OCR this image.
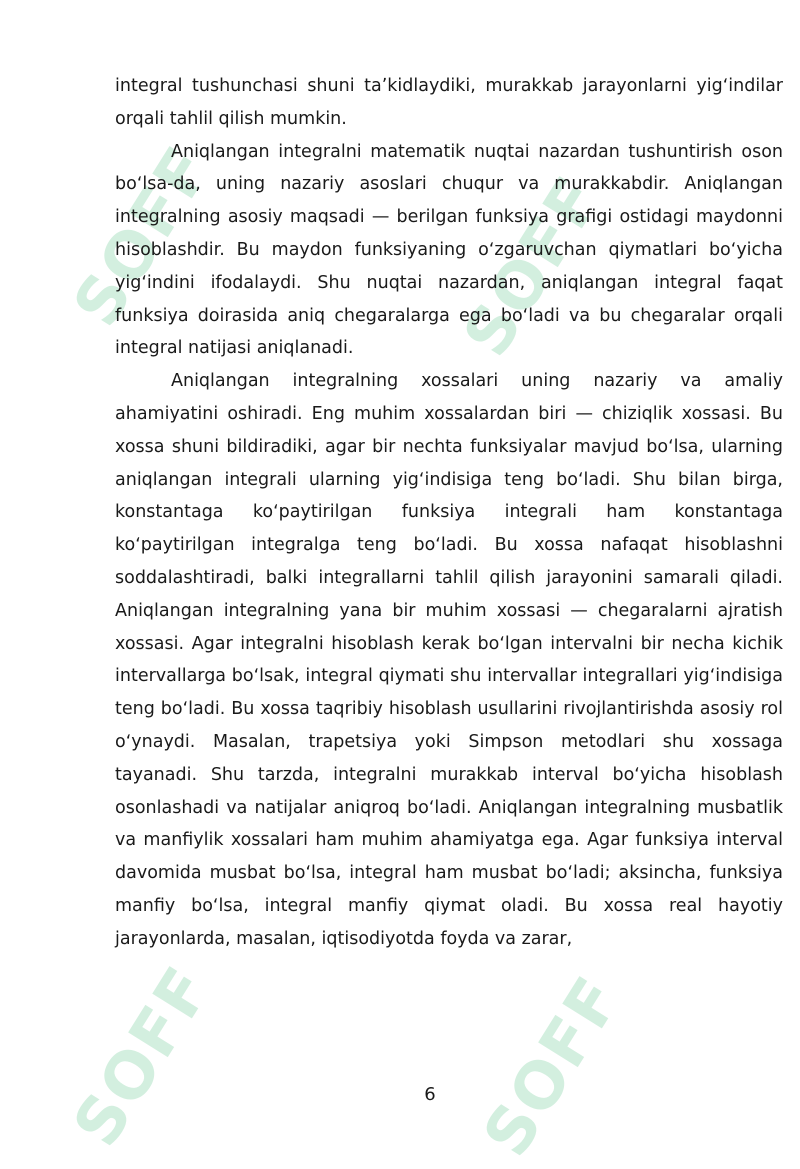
SOFF	SOFF
SOFF	SOFF

integral tushunchasi shuni taʼkidlaydiki, murakkab jarayonlarni yigʻindilar orqali tahlil qilish mumkin.

Aniqlangan integralni matematik nuqtai nazardan tushuntirish oson boʻlsa-da, uning nazariy asoslari chuqur va murakkabdir. Aniqlangan integralning asosiy maqsadi — berilgan funksiya grafigi ostidagi maydonni hisoblashdir. Bu maydon funksiyaning oʻzgaruvchan qiymatlari boʻyicha yigʻindini ifodalaydi. Shu nuqtai nazardan, aniqlangan integral faqat funksiya doirasida aniq chegaralarga ega boʻladi va bu chegaralar orqali integral natijasi aniqlanadi.

Aniqlangan integralning xossalari uning nazariy va amaliy ahamiyatini oshiradi. Eng muhim xossalardan biri — chiziqlik xossasi. Bu xossa shuni bildiradiki, agar bir nechta funksiyalar mavjud boʻlsa, ularning aniqlangan integrali ularning yigʻindisiga teng boʻladi. Shu bilan birga, konstantaga koʻpaytirilgan funksiya integrali ham konstantaga koʻpaytirilgan integralga teng boʻladi. Bu xossa nafaqat hisoblashni soddalashtiradi, balki integrallarni tahlil qilish jarayonini samarali qiladi. Aniqlangan integralning yana bir muhim xossasi — chegaralarni ajratish xossasi. Agar integralni hisoblash kerak boʻlgan intervalni bir necha kichik intervallarga boʻlsak, integral qiymati shu intervallar integrallari yigʻindisiga teng boʻladi. Bu xossa taqribiy hisoblash usullarini rivojlantirishda asosiy rol oʻynaydi. Masalan, trapetsiya yoki Simpson metodlari shu xossaga tayanadi. Shu tarzda, integralni murakkab interval boʻyicha hisoblash osonlashadi va natijalar aniqroq boʻladi. Aniqlangan integralning musbatlik va manfiylik xossalari ham muhim ahamiyatga ega. Agar funksiya interval davomida musbat boʻlsa, integral ham musbat boʻladi; aksincha, funksiya manfiy boʻlsa, integral manfiy qiymat oladi. Bu xossa real hayotiy jarayonlarda, masalan, iqtisodiyotda foyda va zarar,

6
